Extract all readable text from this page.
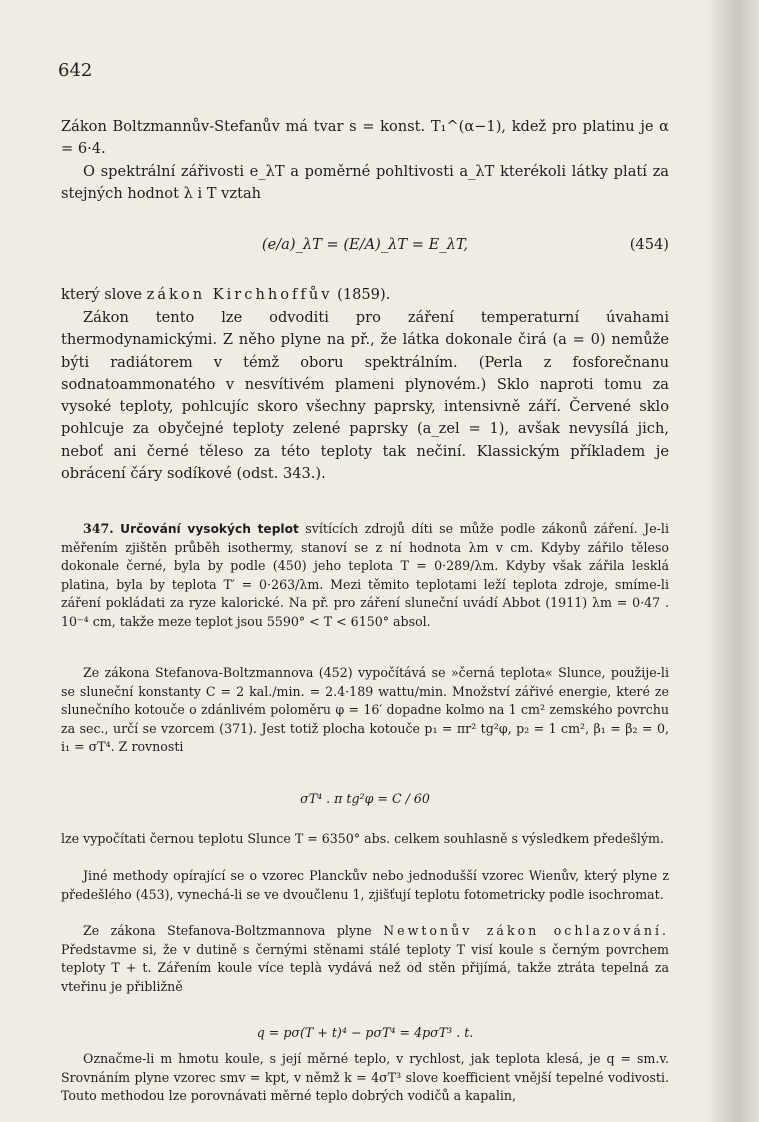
642

Zákon Boltzmannův-Stefanův má tvar s = konst. T₁^(α−1), kdež pro platinu je α = 6·4.

O spektrální zářivosti e_λT a poměrné pohltivosti a_λT kterékoli látky platí za stejných hodnot λ i T vztah

(e/a)_λT = (E/A)_λT = E_λT,	(454)

který slove zákon Kirchhoffův (1859).

Zákon tento lze odvoditi pro záření temperaturní úvahami thermodynamickými. Z něho plyne na př., že látka dokonale čirá (a = 0) nemůže býti radiátorem v témž oboru spektrálním. (Perla z fosforečnanu sodnatoammonatého v nesvítivém plameni plynovém.) Sklo naproti tomu za vysoké teploty, pohlcujíc skoro všechny paprsky, intensivně září. Červené sklo pohlcuje za obyčejné teploty zelené paprsky (a_zel = 1), avšak nevysílá jich, neboť ani černé těleso za této teploty tak nečiní. Klassickým příkladem je obrácení čáry sodíkové (odst. 343.).

347. Určování vysokých teplot svítících zdrojů díti se může podle zákonů záření. Je-li měřením zjištěn průběh isothermy, stanoví se z ní hodnota λm v cm. Kdyby zářilo těleso dokonale černé, byla by podle (450) jeho teplota T = 0·289/λm. Kdyby však zářila lesklá platina, byla by teplota T′ = 0·263/λm. Mezi těmito teplotami leží teplota zdroje, smíme-li záření pokládati za ryze kalorické. Na př. pro záření sluneční uvádí Abbot (1911) λm = 0·47 . 10⁻⁴ cm, takže meze teplot jsou 5590° < T < 6150° absol.

Ze zákona Stefanova-Boltzmannova (452) vypočítává se »černá teplota« Slunce, použije-li se sluneční konstanty C = 2 kal./min. = 2.4·189 wattu/min. Množství zářivé energie, které ze slunečního kotouče o zdánlivém poloměru φ = 16′ dopadne kolmo na 1 cm² zemského povrchu za sec., určí se vzorcem (371). Jest totiž plocha kotouče p₁ = πr² tg²φ, p₂ = 1 cm², β₁ = β₂ = 0, i₁ = σT⁴. Z rovnosti

σT⁴ . π tg²φ = C / 60

lze vypočítati černou teplotu Slunce T = 6350° abs. celkem souhlasně s výsledkem předešlým.

Jiné methody opírající se o vzorec Planckův nebo jednodušší vzorec Wienův, který plyne z předešlého (453), vynechá-li se ve dvoučlenu 1, zjišťují teplotu fotometricky podle isochromat.

Ze zákona Stefanova-Boltzmannova plyne Newtonův zákon ochlazování. Představme si, že v dutině s černými stěnami stálé teploty T visí koule s černým povrchem teploty T + t. Zářením koule více teplà vydává než od stěn přijímá, takže ztráta tepelná za vteřinu je přibližně

q = pσ(T + t)⁴ − pσT⁴ = 4pσT³ . t.

Označme-li m hmotu koule, s její měrné teplo, v rychlost, jak teplota klesá, je q = sm.v. Srovnáním plyne vzorec smv = kpt, v němž k = 4σT³ slove koefficient vnější tepelné vodivosti. Touto methodou lze porovnávati měrné teplo dobrých vodičů a kapalin,
